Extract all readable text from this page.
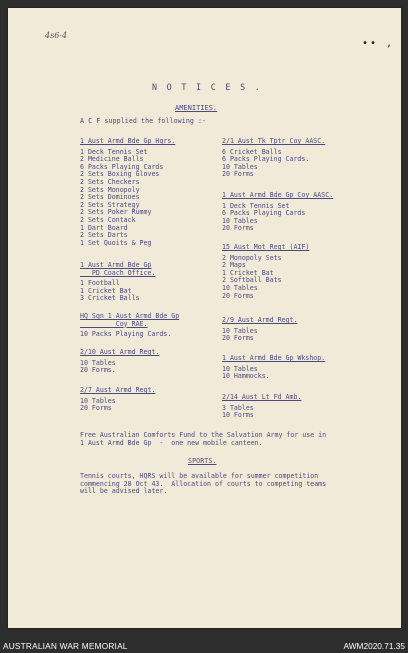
4s6-4
•• ,
N O T I C E S .
AMENITIES.
A C F supplied the following :-
1 Aust Armd Bde Gp Hqrs.
1 Deck Tennis Set
2 Medicine Balls
6 Packs Playing Cards
2 Sets Boxing Gloves
2 Sets Checkers
2 Sets Monopoly
2 Sets Dominoes
2 Sets Strategy
2 Sets Poker Rummy
2 Sets Contack
1 Dart Board
2 Sets Darts
1 Set Quoits & Peg
1 Aust Armd Bde Gp
PD Coach Office.
1 Football
1 Cricket Bat
3 Cricket Balls
HQ Sqn 1 Aust Armd Bde Gp
Coy RAE.
10 Packs Playing Cards.
2/10 Aust Armd Regt.
10 Tables
20 Forms.
2/7 Aust Armd Regt.
10 Tables
20 Forms
2/1 Aust Tk Tptr Coy AASC.
6 Cricket Balls
6 Packs Playing Cards.
10 Tables
20 Forms
1 Aust Armd Bde Gp Coy AASC.
1 Deck Tennis Set
6 Packs Playing Cards
10 Tables
20 Forms
15 Aust Mot Regt (AIF)
2 Monopoly Sets
2 Maps
1 Cricket Bat
2 Softball Bats
10 Tables
20 Forms
2/9 Aust Armd Regt.
10 Tables
20 Forms
1 Aust Armd Bde Gp Wkshop.
10 Tables
10 Hammocks.
2/14 Aust Lt Fd Amb.
3 Tables
10 Forms
Free Australian Comforts Fund to the Salvation Army for use in
1 Aust Armd Bde Gp  -  one new mobile canteen.
SPORTS.
Tennis courts, HQRS will be available for summer competition
commencing 28 Oct 43.  Allocation of courts to competing teams
will be advised later.
AUSTRALIAN WAR MEMORIAL	AWM2020.71.35
